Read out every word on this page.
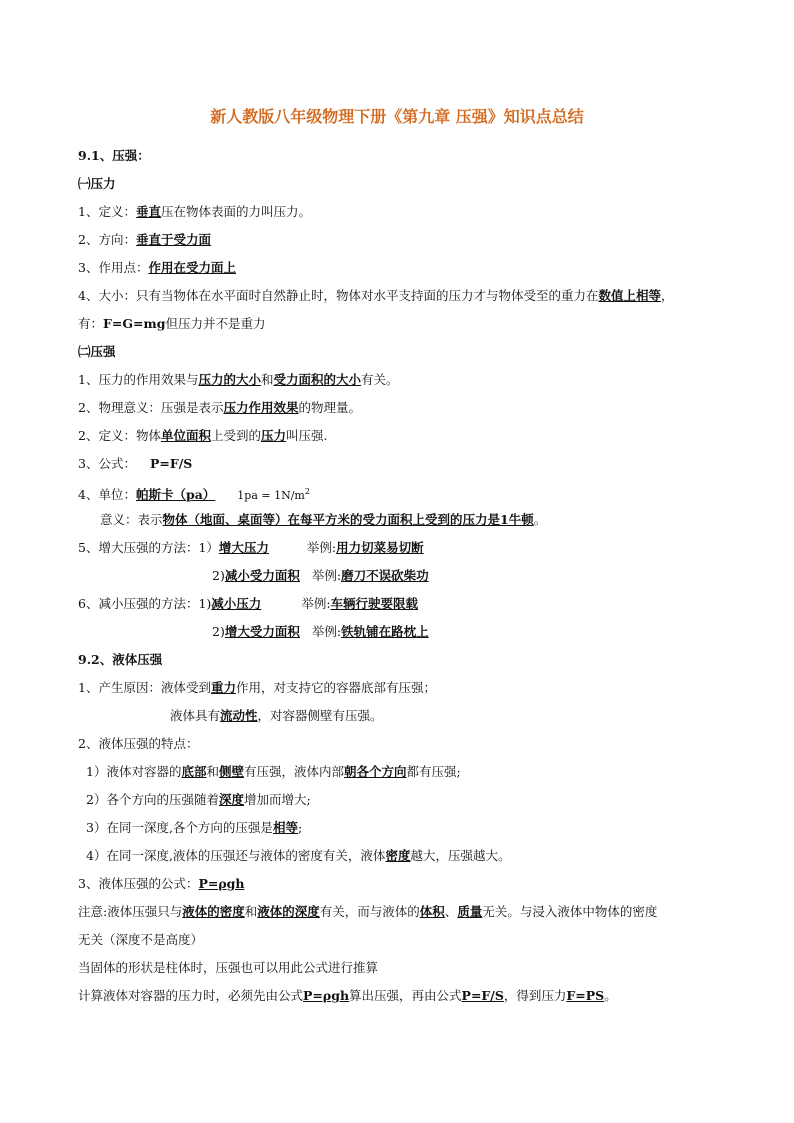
新人教版八年级物理下册《第九章 压强》知识点总结

9.1、压强：

㈠压力

1、定义：垂直压在物体表面的力叫压力。

2、方向：垂直于受力面

3、作用点：作用在受力面上

4、大小：只有当物体在水平面时自然静止时，物体对水平支持面的压力才与物体受至的重力在数值上相等，

有：F=G=mg但压力并不是重力

㈡压强

1、压力的作用效果与压力的大小和受力面积的大小有关。

2、物理意义：压强是表示压力作用效果的物理量。

2、定义：物体单位面积上受到的压力叫压强.

3、公式： P=F/S

4、单位：帕斯卡（pa） $1pa = 1N/m^2$

意义：表示物体（地面、桌面等）在每平方米的受力面积上受到的压力是1牛顿。

5、增大压强的方法：1）增大压力	举例:用力切菜易切断

2)减小受力面积 举例:磨刀不误砍柴功

6、减小压强的方法：1)减小压力	举例:车辆行驶要限载

2)增大受力面积 举例:铁轨铺在路枕上

9.2、液体压强

1、产生原因：液体受到重力作用，对支持它的容器底部有压强；

液体具有流动性，对容器侧壁有压强。

2、液体压强的特点：

1）液体对容器的底部和侧壁有压强，液体内部朝各个方向都有压强;

2）各个方向的压强随着深度增加而增大;

3）在同一深度,各个方向的压强是相等;

4）在同一深度,液体的压强还与液体的密度有关，液体密度越大，压强越大。

3、液体压强的公式：P=ρgh

注意:液体压强只与液体的密度和液体的深度有关，而与液体的体积、质量无关。与浸入液体中物体的密度

无关（深度不是高度）

当固体的形状是柱体时，压强也可以用此公式进行推算

计算液体对容器的压力时，必须先由公式P=ρgh算出压强，再由公式P=F/S，得到压力F=PS。
